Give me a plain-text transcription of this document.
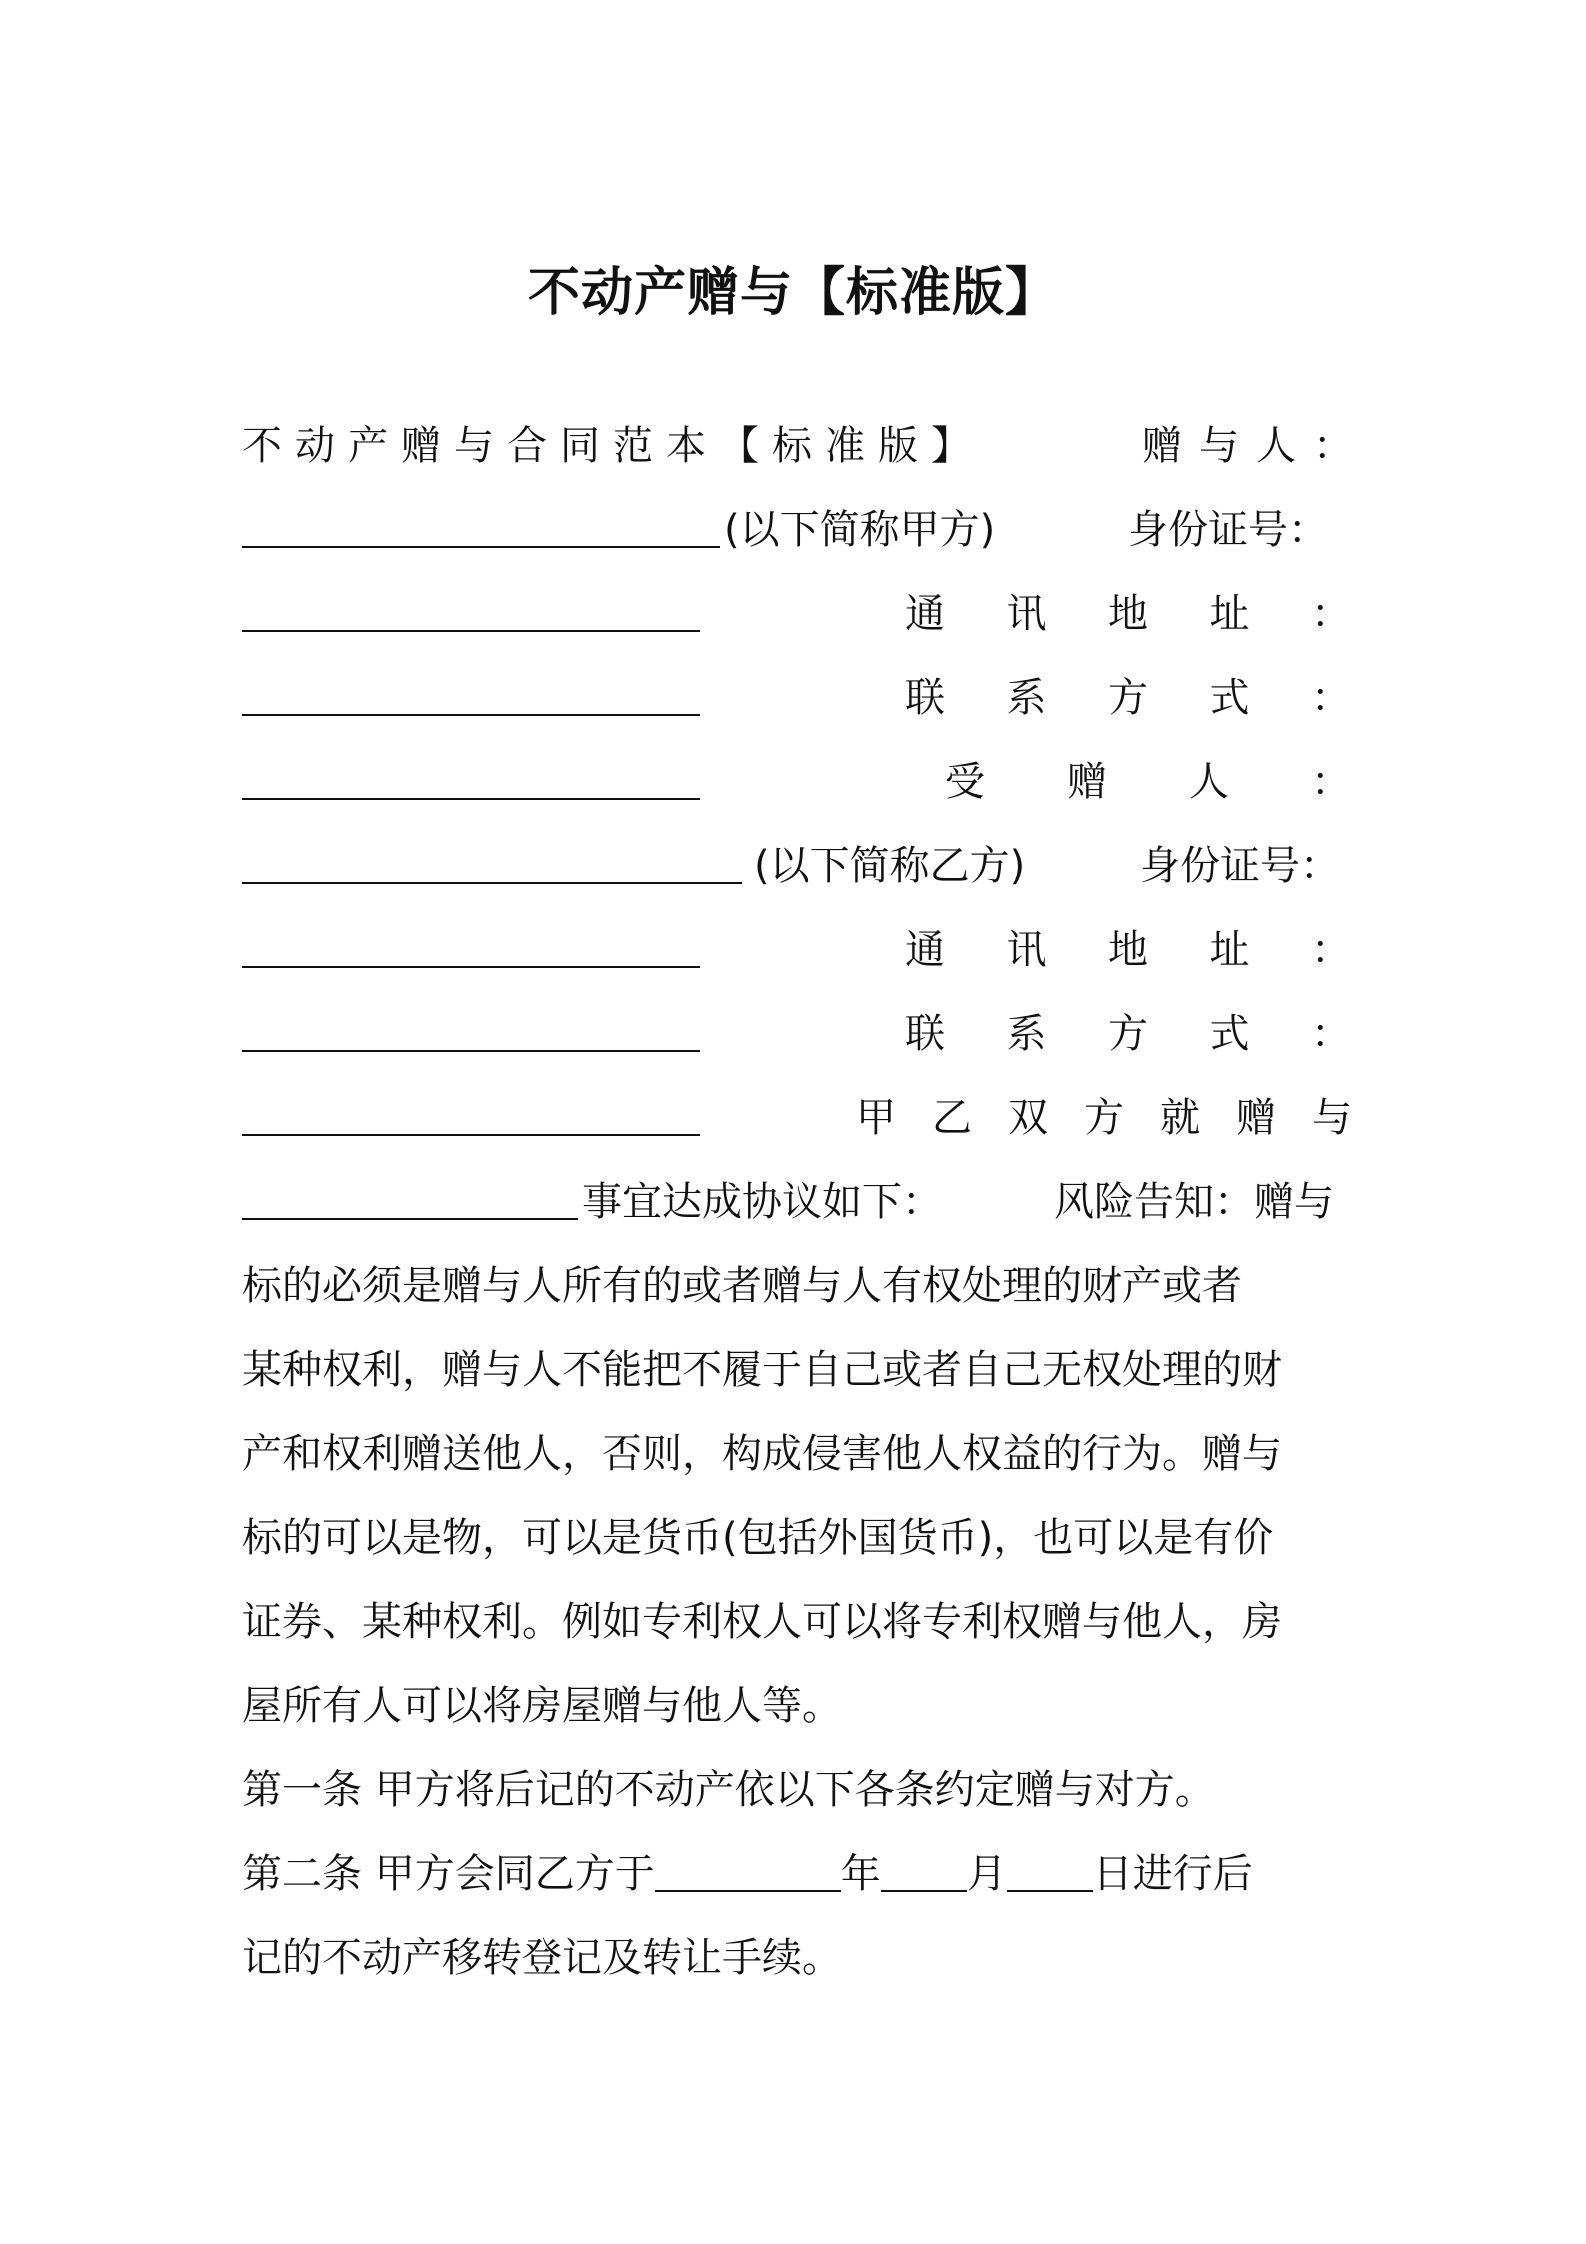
不动产赠与【标准版】
不动产赠与合同范本【标准版】	赠与人：
(以下简称甲方)	身份证号：
通 讯 地 址 ：
联 系 方 式 ：
受 赠 人 ：
(以下简称乙方)	身份证号：
通 讯 地 址 ：
联 系 方 式 ：
甲 乙 双 方 就 赠 与
事宜达成协议如下：	风险告知：赠与
标的必须是赠与人所有的或者赠与人有权处理的财产或者
某种权利，赠与人不能把不履于自己或者自己无权处理的财
产和权利赠送他人，否则，构成侵害他人权益的行为。赠与
标的可以是物，可以是货币(包括外国货币)，也可以是有价
证券、某种权利。例如专利权人可以将专利权赠与他人，房
屋所有人可以将房屋赠与他人等。
第一条 甲方将后记的不动产依以下各条约定赠与对方。
第二条 甲方会同乙方于	年 月 日进行后
记的不动产移转登记及转让手续。
